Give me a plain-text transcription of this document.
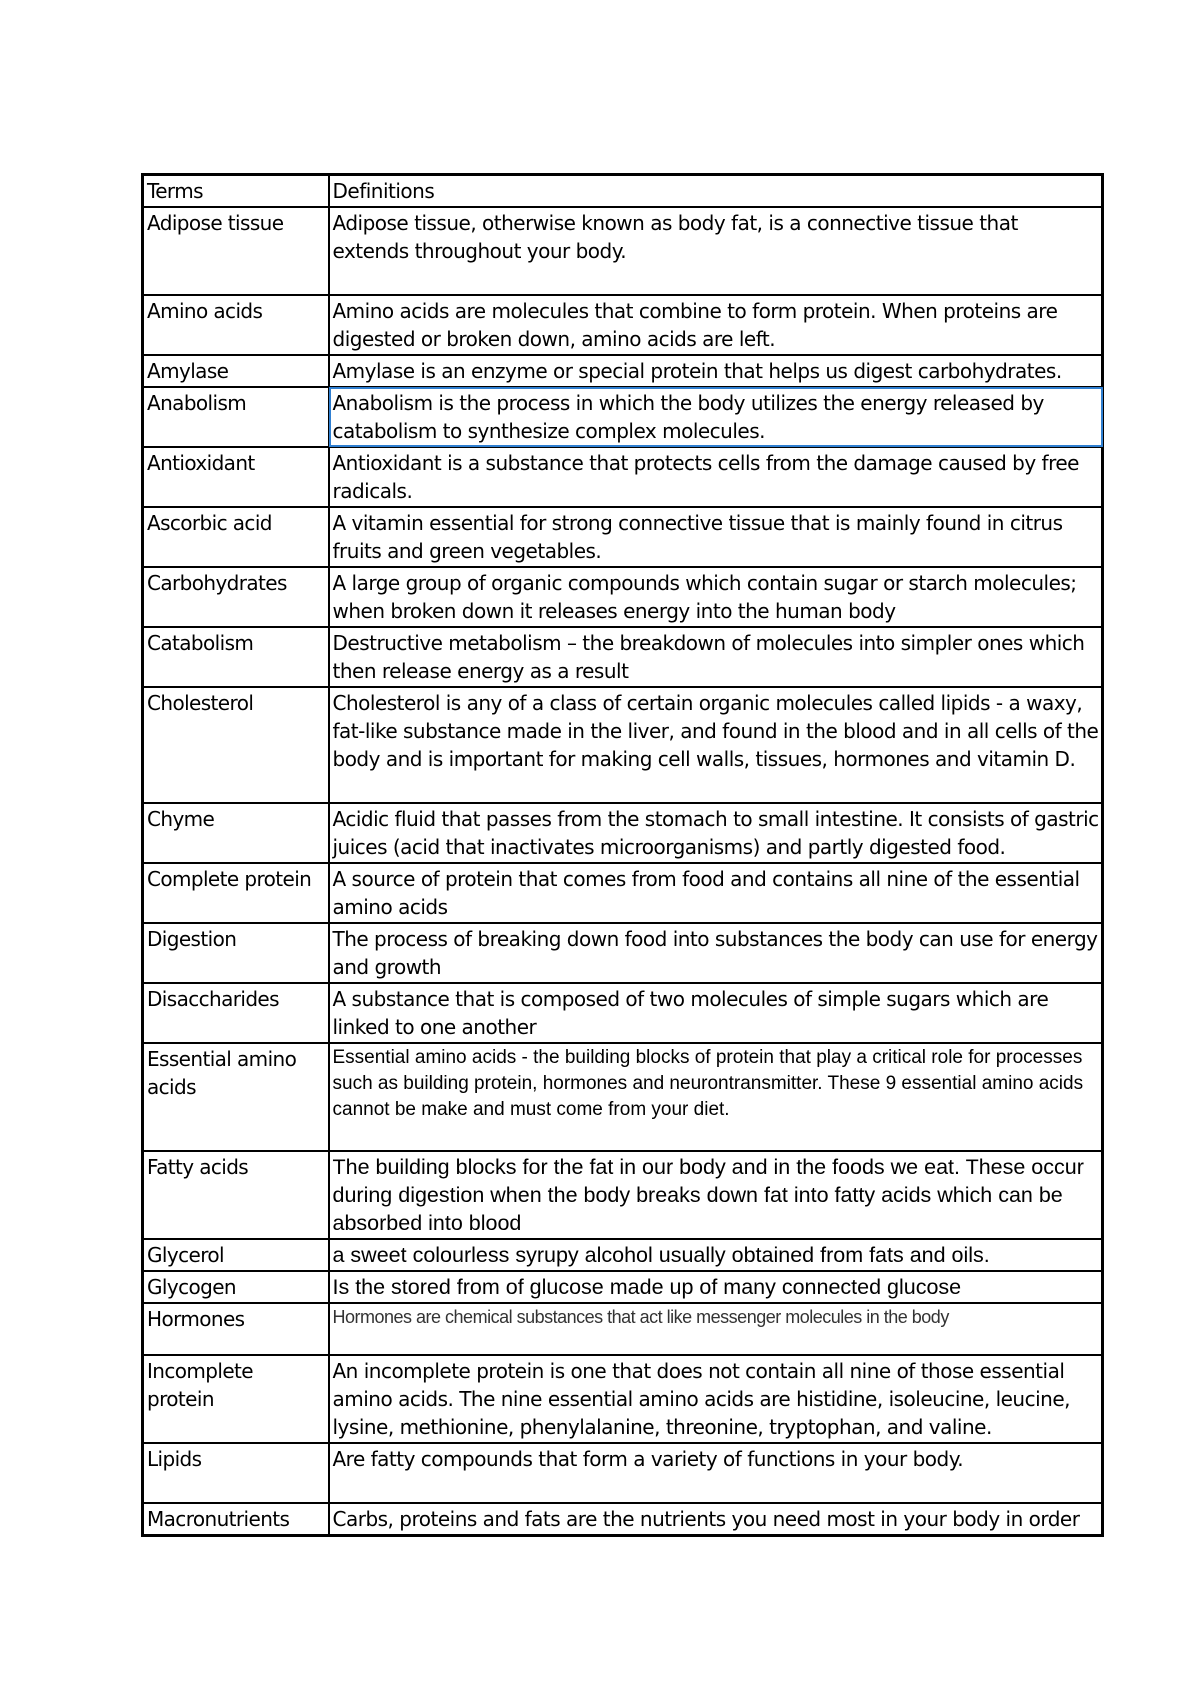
Terms	Definitions
Adipose tissue	Adipose tissue, otherwise known as body fat, is a connective tissue that extends throughout your body.
Amino acids	Amino acids are molecules that combine to form protein. When proteins are digested or broken down, amino acids are left.
Amylase	Amylase is an enzyme or special protein that helps us digest carbohydrates.
Anabolism	Anabolism is the process in which the body utilizes the energy released by catabolism to synthesize complex molecules.
Antioxidant	Antioxidant is a substance that protects cells from the damage caused by free radicals.
Ascorbic acid	A vitamin essential for strong connective tissue that is mainly found in citrus fruits and green vegetables.
Carbohydrates	A large group of organic compounds which contain sugar or starch molecules; when broken down it releases energy into the human body
Catabolism	Destructive metabolism – the breakdown of molecules into simpler ones which then release energy as a result
Cholesterol	Cholesterol is any of a class of certain organic molecules called lipids - a waxy, fat-like substance made in the liver, and found in the blood and in all cells of the body and is important for making cell walls, tissues, hormones and vitamin D.
Chyme	Acidic fluid that passes from the stomach to small intestine. It consists of gastric juices (acid that inactivates microorganisms) and partly digested food.
Complete protein	A source of protein that comes from food and contains all nine of the essential amino acids
Digestion	The process of breaking down food into substances the body can use for energy and growth
Disaccharides	A substance that is composed of two molecules of simple sugars which are linked to one another
Essential amino acids	Essential amino acids - the building blocks of protein that play a critical role for processes such as building protein, hormones and neurontransmitter. These 9 essential amino acids cannot be make and must come from your diet.
Fatty acids	The building blocks for the fat in our body and in the foods we eat. These occur during digestion when the body breaks down fat into fatty acids which can be absorbed into blood
Glycerol	a sweet colourless syrupy alcohol usually obtained from fats and oils.
Glycogen	Is the stored from of glucose made up of many connected glucose
Hormones	Hormones are chemical substances that act like messenger molecules in the body
Incomplete protein	An incomplete protein is one that does not contain all nine of those essential amino acids. The nine essential amino acids are histidine, isoleucine, leucine, lysine, methionine, phenylalanine, threonine, tryptophan, and valine.
Lipids	Are fatty compounds that form a variety of functions in your body.
Macronutrients	Carbs, proteins and fats are the nutrients you need most in your body in order
